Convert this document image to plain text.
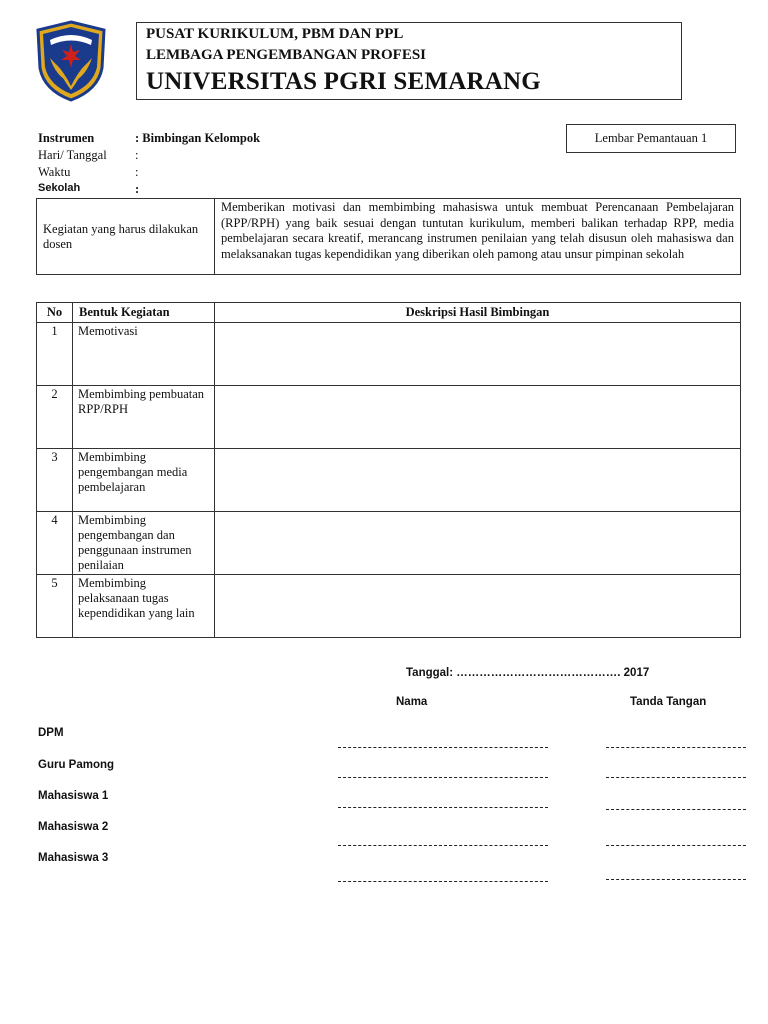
PUSAT KURIKULUM, PBM DAN PPL
LEMBAGA PENGEMBANGAN PROFESI
UNIVERSITAS PGRI SEMARANG
Instrumen	: Bimbingan Kelompok
Hari/ Tanggal :
Waktu	:
Sekolah	:
Lembar Pemantauan 1
Kegiatan yang harus dilakukan dosen	Memberikan motivasi dan membimbing mahasiswa untuk membuat Perencanaan Pembelajaran (RPP/RPH) yang baik sesuai dengan tuntutan kurikulum, memberi balikan terhadap RPP, media pembelajaran secara kreatif, merancang instrumen penilaian yang telah disusun oleh mahasiswa dan melaksanakan tugas kependidikan yang diberikan oleh pamong atau unsur pimpinan sekolah
No	Bentuk Kegiatan	Deskripsi Hasil Bimbingan
1	Memotivasi	
2	Membimbing pembuatan RPP/RPH	
3	Membimbing pengembangan media pembelajaran	
4	Membimbing pengembangan dan penggunaan instrumen penilaian	
5	Membimbing pelaksanaan tugas kependidikan yang lain	
Tanggal: ……………………………………. 2017
Nama	Tanda Tangan
DPM
Guru Pamong
Mahasiswa 1
Mahasiswa 2
Mahasiswa 3
